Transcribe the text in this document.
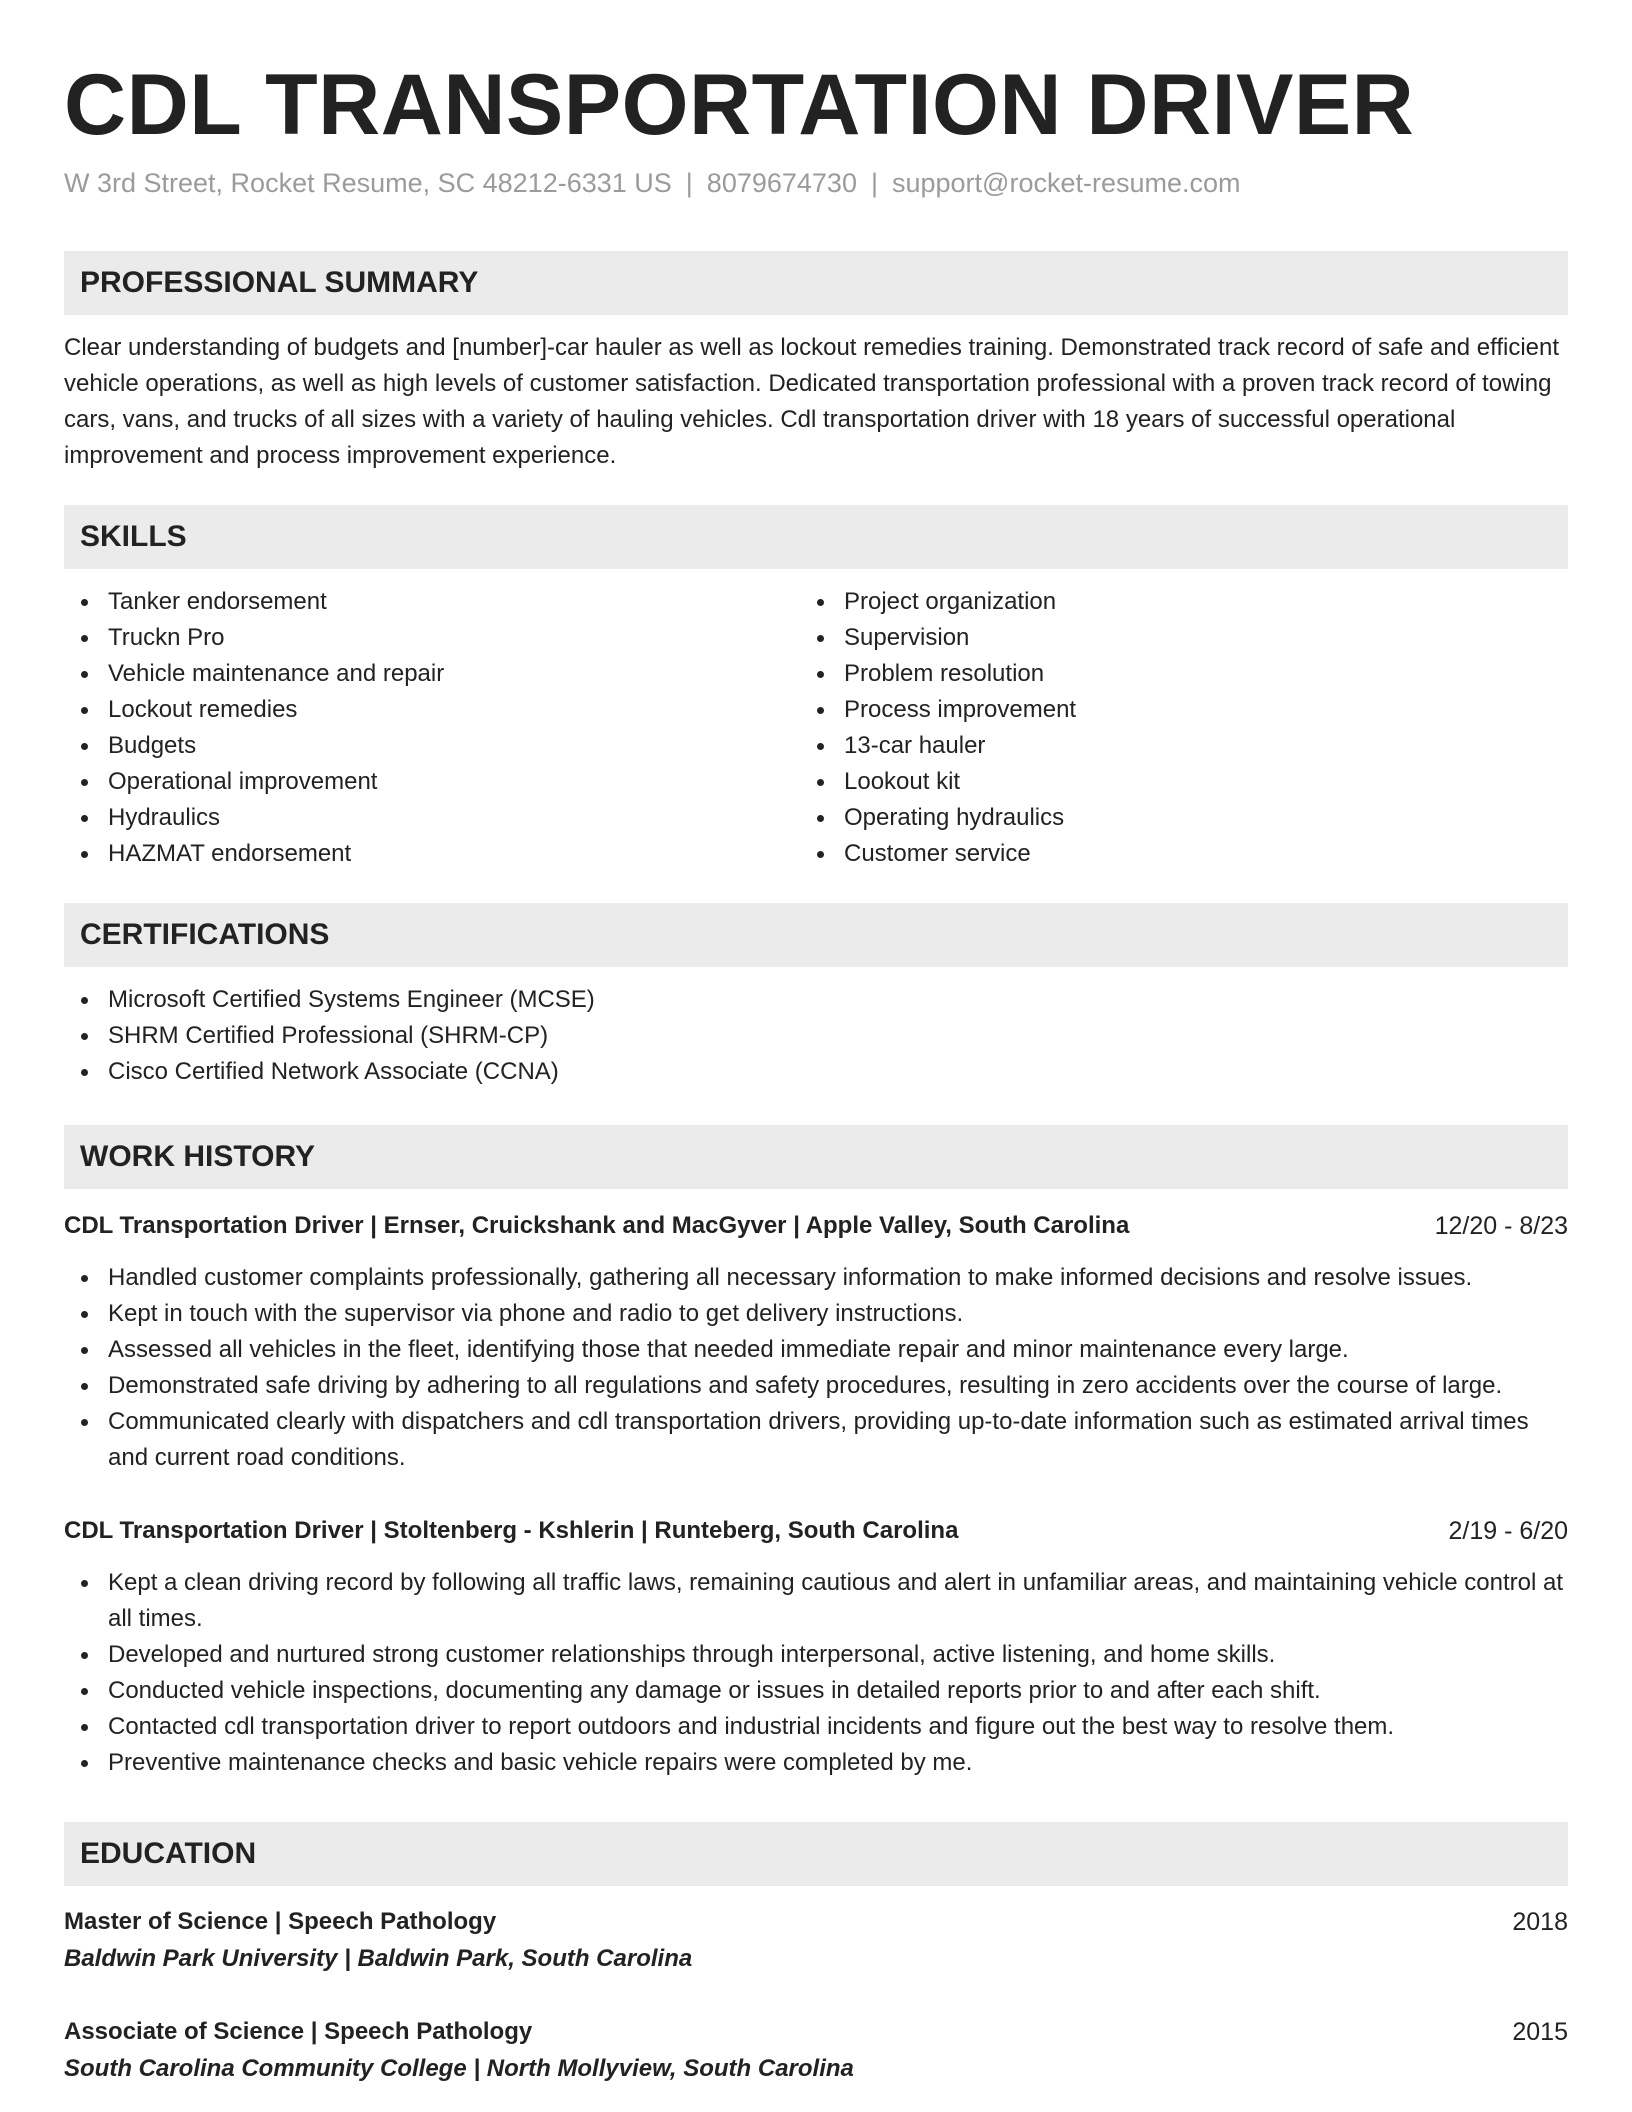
CDL TRANSPORTATION DRIVER
W 3rd Street, Rocket Resume, SC 48212-6331 US | 8079674730 | support@rocket-resume.com
PROFESSIONAL SUMMARY
Clear understanding of budgets and [number]-car hauler as well as lockout remedies training. Demonstrated track record of safe and efficient vehicle operations, as well as high levels of customer satisfaction. Dedicated transportation professional with a proven track record of towing cars, vans, and trucks of all sizes with a variety of hauling vehicles. Cdl transportation driver with 18 years of successful operational improvement and process improvement experience.
SKILLS
Tanker endorsement
Truckn Pro
Vehicle maintenance and repair
Lockout remedies
Budgets
Operational improvement
Hydraulics
HAZMAT endorsement
Project organization
Supervision
Problem resolution
Process improvement
13-car hauler
Lookout kit
Operating hydraulics
Customer service
CERTIFICATIONS
Microsoft Certified Systems Engineer (MCSE)
SHRM Certified Professional (SHRM-CP)
Cisco Certified Network Associate (CCNA)
WORK HISTORY
CDL Transportation Driver | Ernser, Cruickshank and MacGyver | Apple Valley, South Carolina	12/20 - 8/23
Handled customer complaints professionally, gathering all necessary information to make informed decisions and resolve issues.
Kept in touch with the supervisor via phone and radio to get delivery instructions.
Assessed all vehicles in the fleet, identifying those that needed immediate repair and minor maintenance every large.
Demonstrated safe driving by adhering to all regulations and safety procedures, resulting in zero accidents over the course of large.
Communicated clearly with dispatchers and cdl transportation drivers, providing up-to-date information such as estimated arrival times and current road conditions.
CDL Transportation Driver | Stoltenberg - Kshlerin | Runteberg, South Carolina	2/19 - 6/20
Kept a clean driving record by following all traffic laws, remaining cautious and alert in unfamiliar areas, and maintaining vehicle control at all times.
Developed and nurtured strong customer relationships through interpersonal, active listening, and home skills.
Conducted vehicle inspections, documenting any damage or issues in detailed reports prior to and after each shift.
Contacted cdl transportation driver to report outdoors and industrial incidents and figure out the best way to resolve them.
Preventive maintenance checks and basic vehicle repairs were completed by me.
EDUCATION
Master of Science | Speech Pathology	2018
Baldwin Park University | Baldwin Park, South Carolina
Associate of Science | Speech Pathology	2015
South Carolina Community College | North Mollyview, South Carolina
